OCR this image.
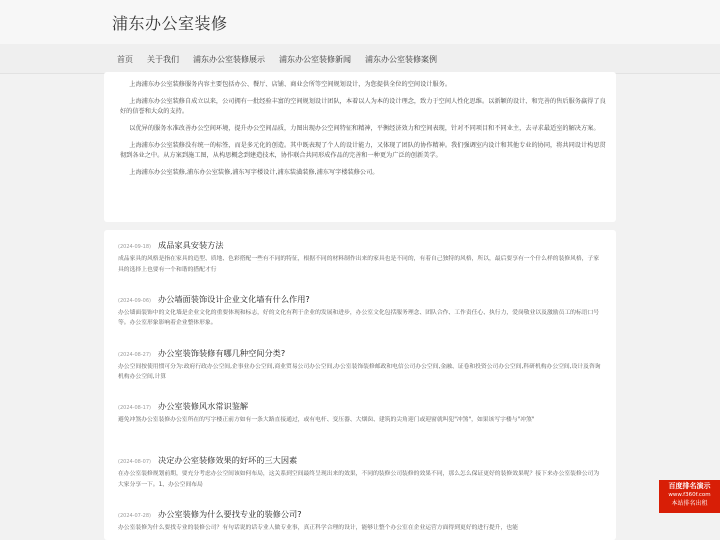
浦东办公室装修
首页 关于我们 浦东办公室装修展示 浦东办公室装修新闻 浦东办公室装修案例

上海浦东办公室装修服务内容主要包括办公、餐厅、店铺、商业会所等空间规划设计，为您提供全位的空间设计服务。

上海浦东办公室装修自成立以来，公司拥有一批经验丰富的空间规划设计团队，本着以人为本的设计理念，致力于空间人性化思维。以新颖的设计、和完善的售后服务赢得了良好的信誉和大众的支持。

以优异的服务水准改善办公空间环境，提升办公空间品质，力图出现办公空间特征和精神，平衡经济效力和空间表现，针对不同项目和不同业主，去寻求最适室的解决方案。

上海浦东办公室装修没有统一的标签，而是多元化的创造。其中既表现了个人的设计能力，又体现了团队的协作精神。我们强调室内设计和其他专业的协同，将共同设计构思贯彻到各业之中。从方案到施工图，从构思概念到建造技术，协作联合共同形成作品的完善和一种更为广泛的创新美学。

上海浦东办公室装修,浦东办公室装修,浦东写字楼设计,浦东装潢装修,浦东写字楼装修公司。

(2024-09-18) 成品家具安装方法
成品家具的风格是指在家具的造型、质地、色彩搭配一些有不同的特征，根据不同的材料制作出来的家具也是不同的，有着自己独特的风格，所以，最后要享有一个什么样的装修风格，子家具的选择上也要有一个和谐的搭配才行
(2024-09-06) 办公墙面装饰设计企业文化墙有什么作用?
办公墙面装饰中的文化墙是企业文化的重要体现和标志，好的文化有利于企业的发展和进步，办公室文化包括服务理念、团队合作、工作责任心、执行力，爱岗敬业以及激励员工的标语口号等。办公室形象影响着企业整体形象。
(2024-08-27) 办公室装饰装修有哪几种空间分类?
办公空间按使用惯可分为:政府行政办公空间,企事业办公空间,商业贸易公司办公空间,办公室装饰装修邮政和电信公司办公空间,金融、证卷和投资公司办公空间,科研机构办公空间,设计及咨询机构办公空间,计算
(2024-08-17) 办公室装修风水常识鉴解
避免冲煞办公室装修办公室所在的写字楼正前方如有一条大路直接通过，或有电杆、变压器、大烟囱、建筑的尖角迎门或迎窗就叫犯"冲煞"，如果该写字楼与"冲煞"
(2024-08-07) 决定办公室装修效果的好坏的三大因素
在办公室装修规划前期，要充分考虑办公空间该如何布局，这关系到空间最终呈现出来的效果，不同的装修公司装修的效果不同，那么怎么保证更好的装修效果呢？接下来办公室装修公司为大家分享一下。1、办公空间布局
(2024-07-28) 办公室装修为什么要找专业的装修公司?
办公室装修为什么要找专业的装修公司？有句话说的话专业人做专业事，真正科学合理的设计，能够让整个办公室在企业运营方面得到更好的进行提升，也能
百度排名演示
www.f360f.com
本站排名出租
